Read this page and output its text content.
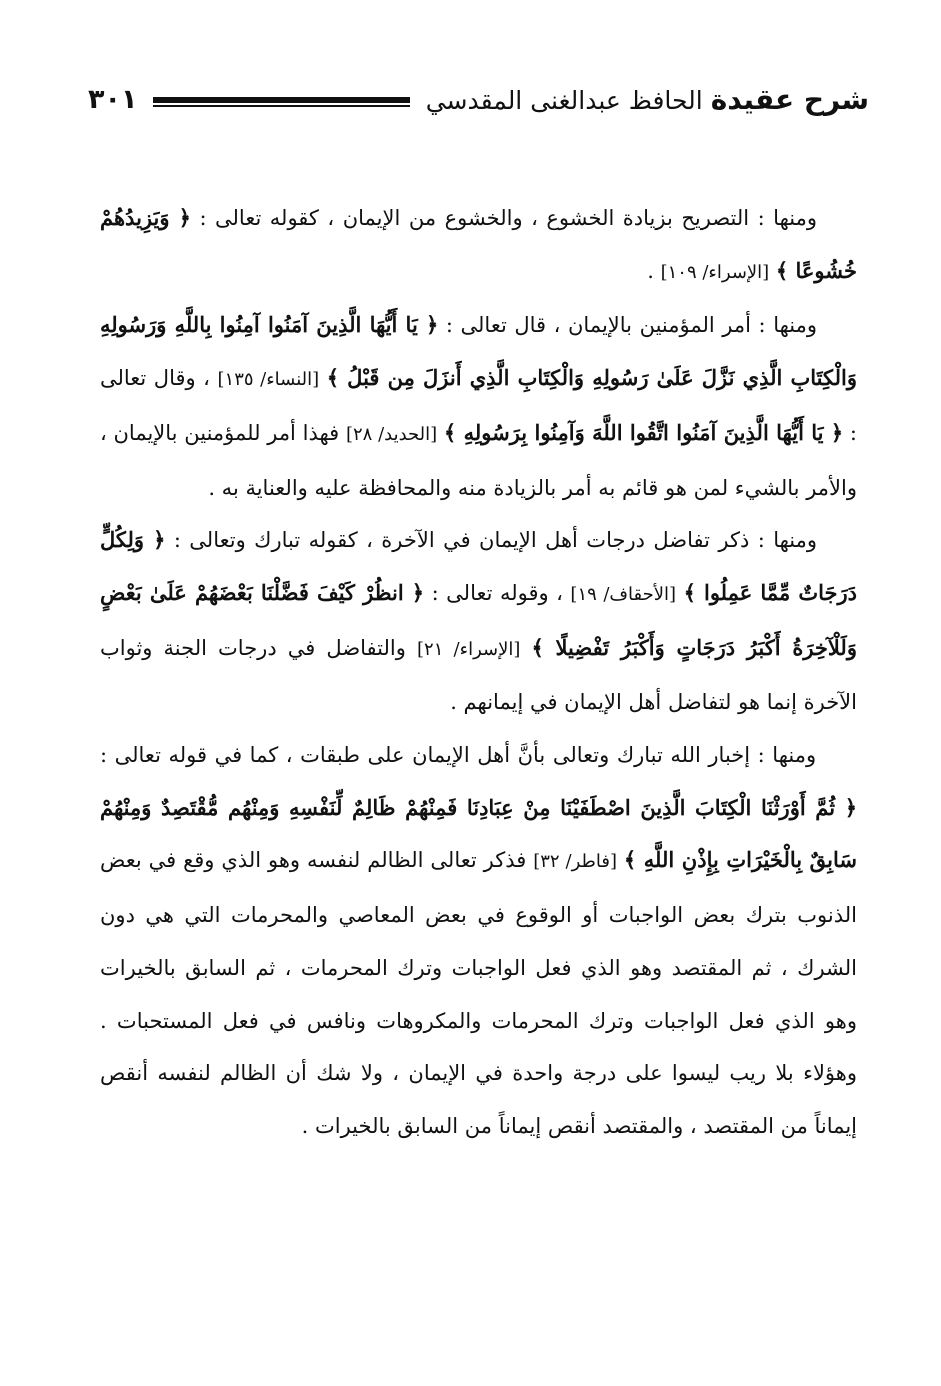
شرح عقيدة الحافظ عبدالغنى المقدسي
٣٠١

ومنها : التصريح بزيادة الخشوع ، والخشوع من الإيمان ، كقوله تعالى : ﴿ وَيَزِيدُهُمْ خُشُوعًا ﴾ [الإسراء/ ١٠٩] .

ومنها : أمر المؤمنين بالإيمان ، قال تعالى : ﴿ يَا أَيُّهَا الَّذِينَ آمَنُوا آمِنُوا بِاللَّهِ وَرَسُولِهِ وَالْكِتَابِ الَّذِي نَزَّلَ عَلَىٰ رَسُولِهِ وَالْكِتَابِ الَّذِي أَنزَلَ مِن قَبْلُ ﴾ [النساء/ ١٣٥] ، وقال تعالى : ﴿ يَا أَيُّهَا الَّذِينَ آمَنُوا اتَّقُوا اللَّهَ وَآمِنُوا بِرَسُولِهِ ﴾ [الحديد/ ٢٨] فهذا أمر للمؤمنين بالإيمان ، والأمر بالشيء لمن هو قائم به أمر بالزيادة منه والمحافظة عليه والعناية به .

ومنها : ذكر تفاضل درجات أهل الإيمان في الآخرة ، كقوله تبارك وتعالى : ﴿ وَلِكُلٍّ دَرَجَاتٌ مِّمَّا عَمِلُوا ﴾ [الأحقاف/ ١٩] ، وقوله تعالى : ﴿ انظُرْ كَيْفَ فَضَّلْنَا بَعْضَهُمْ عَلَىٰ بَعْضٍ وَلَلْآخِرَةُ أَكْبَرُ دَرَجَاتٍ وَأَكْبَرُ تَفْضِيلًا ﴾ [الإسراء/ ٢١] والتفاضل في درجات الجنة وثواب الآخرة إنما هو لتفاضل أهل الإيمان في إيمانهم .

ومنها : إخبار الله تبارك وتعالى بأنَّ أهل الإيمان على طبقات ، كما في قوله تعالى : ﴿ ثُمَّ أَوْرَثْنَا الْكِتَابَ الَّذِينَ اصْطَفَيْنَا مِنْ عِبَادِنَا فَمِنْهُمْ ظَالِمٌ لِّنَفْسِهِ وَمِنْهُم مُّقْتَصِدٌ وَمِنْهُمْ سَابِقٌ بِالْخَيْرَاتِ بِإِذْنِ اللَّهِ ﴾ [فاطر/ ٣٢] فذكر تعالى الظالم لنفسه وهو الذي وقع في بعض الذنوب بترك بعض الواجبات أو الوقوع في بعض المعاصي والمحرمات التي هي دون الشرك ، ثم المقتصد وهو الذي فعل الواجبات وترك المحرمات ، ثم السابق بالخيرات وهو الذي فعل الواجبات وترك المحرمات والمكروهات ونافس في فعل المستحبات . وهؤلاء بلا ريب ليسوا على درجة واحدة في الإيمان ، ولا شك أن الظالم لنفسه أنقص إيماناً من المقتصد ، والمقتصد أنقص إيماناً من السابق بالخيرات .
